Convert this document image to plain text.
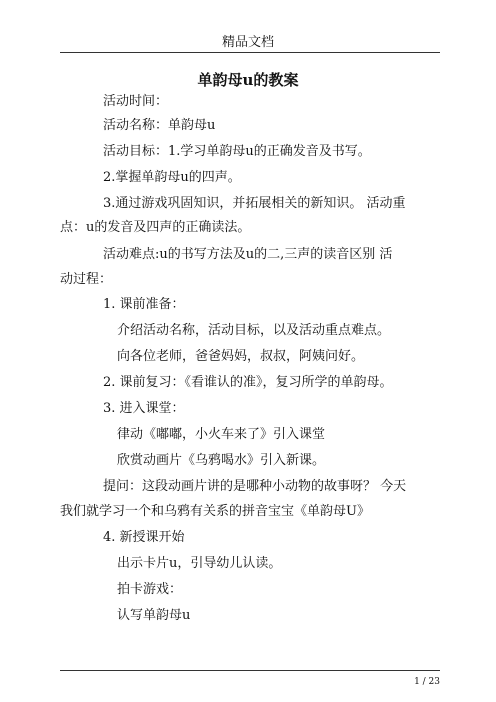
精品文档
单韵母u的教案
活动时间：
活动名称：单韵母u
活动目标：1.学习单韵母u的正确发音及书写。
2.掌握单韵母u的四声。
3.通过游戏巩固知识，并拓展相关的新知识。 活动重
点：u的发音及四声的正确读法。
活动难点:u的书写方法及u的二,三声的读音区别 活
动过程：
1. 课前准备：
介绍活动名称，活动目标，以及活动重点难点。
向各位老师，爸爸妈妈，叔叔，阿姨问好。
2. 课前复习：《看谁认的准》，复习所学的单韵母。
3. 进入课堂：
律动《嘟嘟，小火车来了》引入课堂
欣赏动画片《乌鸦喝水》引入新课。
提问：这段动画片讲的是哪种小动物的故事呀？ 今天
我们就学习一个和乌鸦有关系的拼音宝宝《单韵母U》
4. 新授课开始
出示卡片u，引导幼儿认读。
拍卡游戏：
认写单韵母u
1 / 23
